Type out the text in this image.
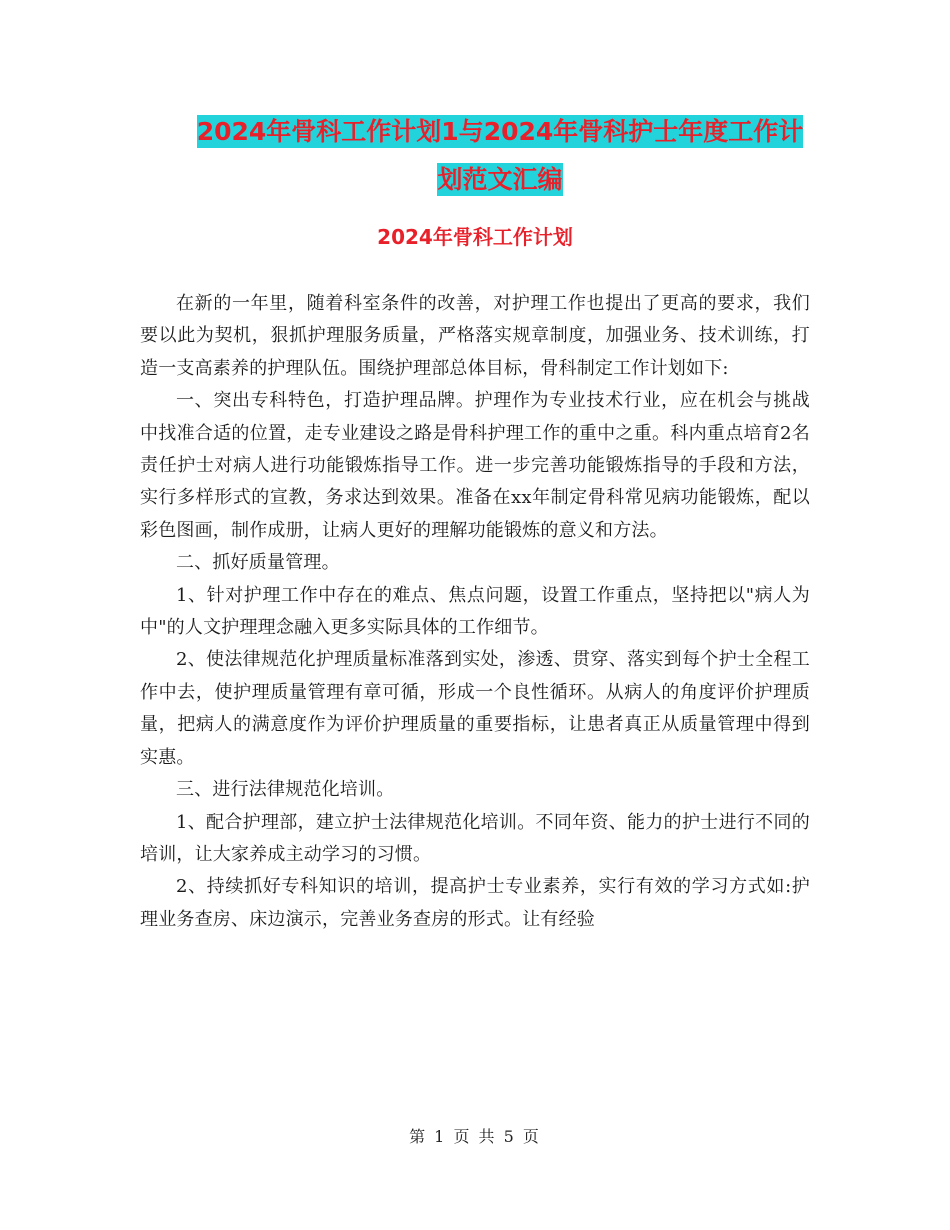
2024年骨科工作计划1与2024年骨科护士年度工作计
划范文汇编
2024年骨科工作计划

在新的一年里，随着科室条件的改善，对护理工作也提出了更高的要求，我们要以此为契机，狠抓护理服务质量，严格落实规章制度，加强业务、技术训练，打造一支高素养的护理队伍。围绕护理部总体目标，骨科制定工作计划如下:

一、突出专科特色，打造护理品牌。护理作为专业技术行业，应在机会与挑战中找准合适的位置，走专业建设之路是骨科护理工作的重中之重。科内重点培育2名责任护士对病人进行功能锻炼指导工作。进一步完善功能锻炼指导的手段和方法，实行多样形式的宣教，务求达到效果。准备在xx年制定骨科常见病功能锻炼，配以彩色图画，制作成册，让病人更好的理解功能锻炼的意义和方法。

二、抓好质量管理。

1、针对护理工作中存在的难点、焦点问题，设置工作重点，坚持把以"病人为中"的人文护理理念融入更多实际具体的工作细节。

2、使法律规范化护理质量标准落到实处，渗透、贯穿、落实到每个护士全程工作中去，使护理质量管理有章可循，形成一个良性循环。从病人的角度评价护理质量，把病人的满意度作为评价护理质量的重要指标，让患者真正从质量管理中得到实惠。

三、进行法律规范化培训。

1、配合护理部，建立护士法律规范化培训。不同年资、能力的护士进行不同的培训，让大家养成主动学习的习惯。

2、持续抓好专科知识的培训，提高护士专业素养，实行有效的学习方式如:护理业务查房、床边演示，完善业务查房的形式。让有经验

第 1 页 共 5 页
